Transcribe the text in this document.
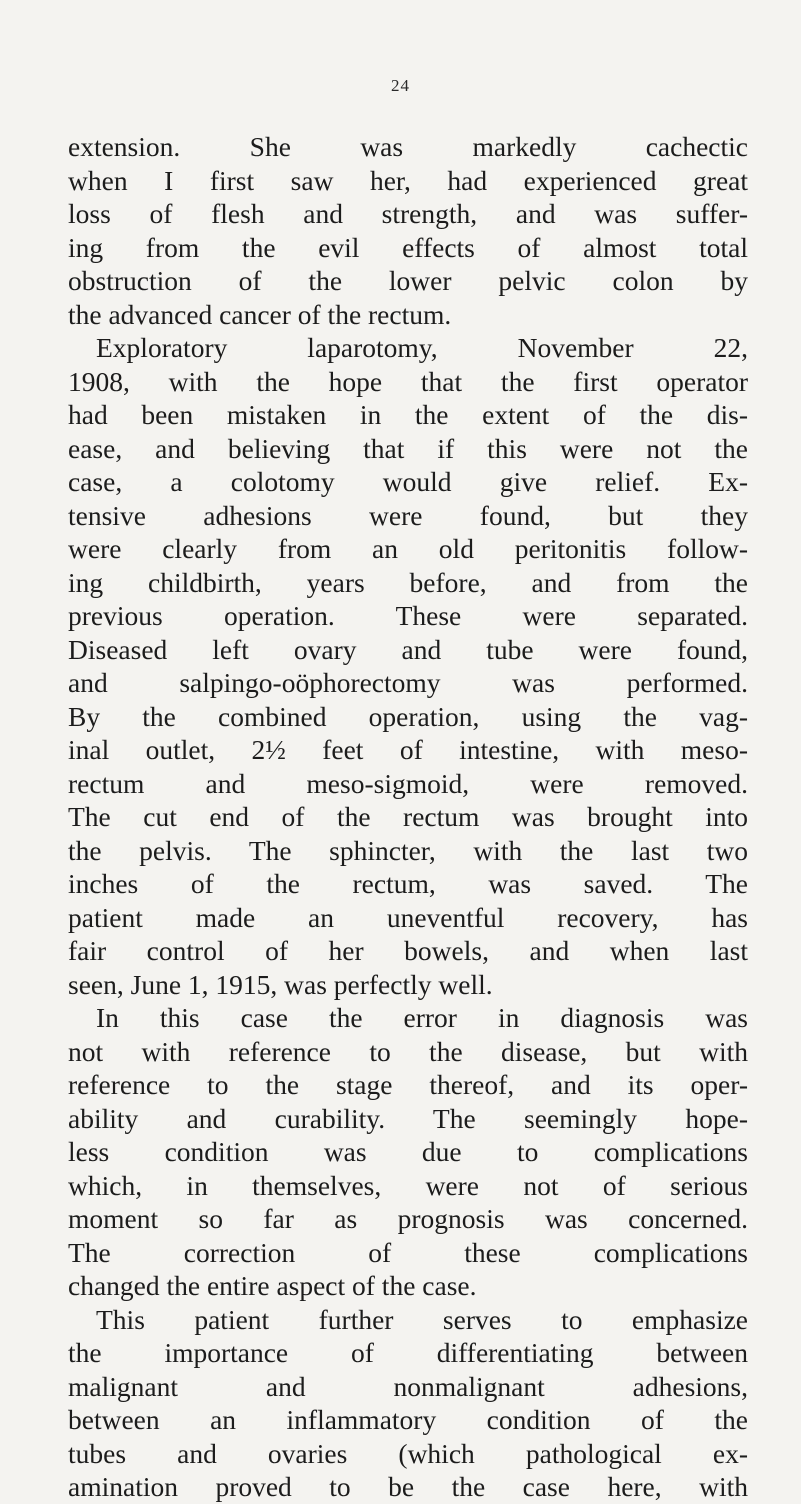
24
extension. She was markedly cachectic
when I first saw her, had experienced great
loss of flesh and strength, and was suffer-
ing from the evil effects of almost total
obstruction of the lower pelvic colon by
the advanced cancer of the rectum.
Exploratory laparotomy, November 22,
1908, with the hope that the first operator
had been mistaken in the extent of the dis-
ease, and believing that if this were not the
case, a colotomy would give relief. Ex-
tensive adhesions were found, but they
were clearly from an old peritonitis follow-
ing childbirth, years before, and from the
previous operation. These were separated.
Diseased left ovary and tube were found,
and salpingo-oöphorectomy was performed.
By the combined operation, using the vag-
inal outlet, 2½ feet of intestine, with meso-
rectum and meso-sigmoid, were removed.
The cut end of the rectum was brought into
the pelvis. The sphincter, with the last two
inches of the rectum, was saved. The
patient made an uneventful recovery, has
fair control of her bowels, and when last
seen, June 1, 1915, was perfectly well.
In this case the error in diagnosis was
not with reference to the disease, but with
reference to the stage thereof, and its oper-
ability and curability. The seemingly hope-
less condition was due to complications
which, in themselves, were not of serious
moment so far as prognosis was concerned.
The correction of these complications
changed the entire aspect of the case.
This patient further serves to emphasize
the importance of differentiating between
malignant and nonmalignant adhesions,
between an inflammatory condition of the
tubes and ovaries (which pathological ex-
amination proved to be the case here, with
